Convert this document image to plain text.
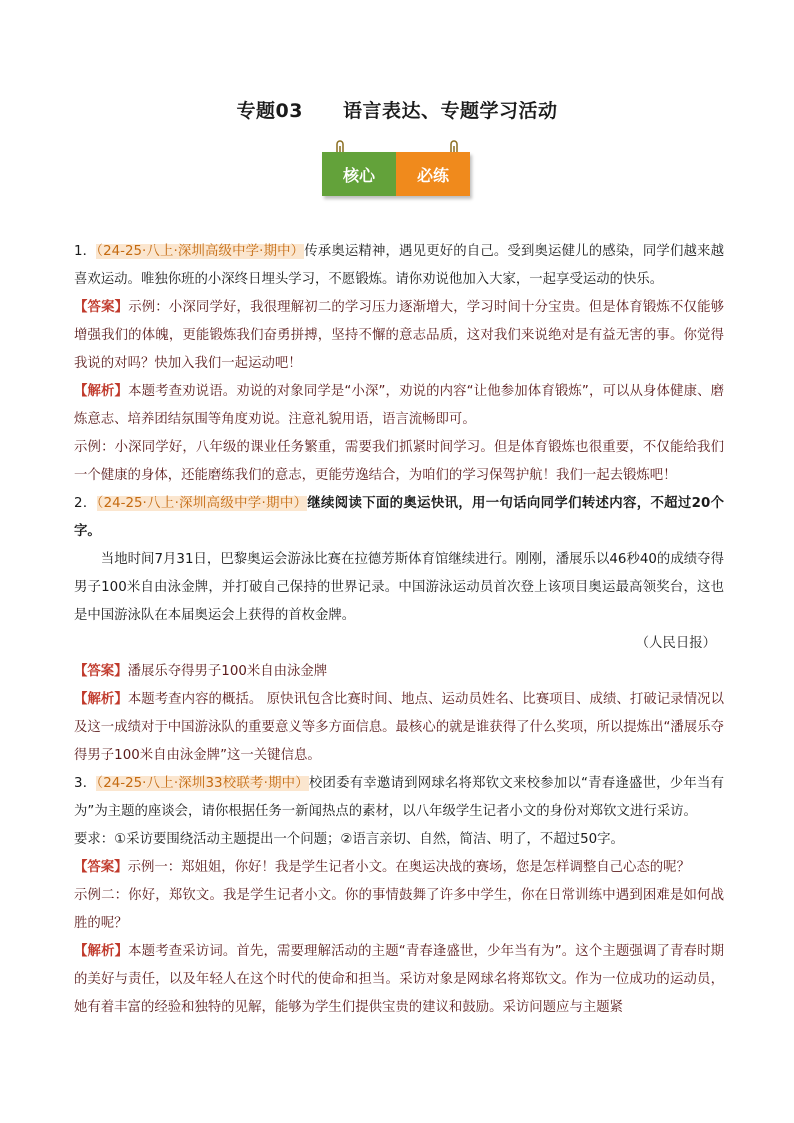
专题03 语言表达、专题学习活动
核心	必练

1．（24-25·八上·深圳高级中学·期中）传承奥运精神，遇见更好的自己。受到奥运健儿的感染，同学们越来越喜欢运动。唯独你班的小深终日埋头学习，不愿锻炼。请你劝说他加入大家，一起享受运动的快乐。

【答案】示例：小深同学好，我很理解初二的学习压力逐渐增大，学习时间十分宝贵。但是体育锻炼不仅能够增强我们的体魄，更能锻炼我们奋勇拼搏，坚持不懈的意志品质，这对我们来说绝对是有益无害的事。你觉得我说的对吗？快加入我们一起运动吧！

【解析】本题考查劝说语。劝说的对象同学是“小深”，劝说的内容“让他参加体育锻炼”，可以从身体健康、磨炼意志、培养团结氛围等角度劝说。注意礼貌用语，语言流畅即可。

示例：小深同学好，八年级的课业任务繁重，需要我们抓紧时间学习。但是体育锻炼也很重要，不仅能给我们一个健康的身体，还能磨练我们的意志，更能劳逸结合，为咱们的学习保驾护航！我们一起去锻炼吧！

2．（24-25·八上·深圳高级中学·期中）继续阅读下面的奥运快讯，用一句话向同学们转述内容，不超过20个字。

当地时间7月31日，巴黎奥运会游泳比赛在拉德芳斯体育馆继续进行。刚刚，潘展乐以46秒40的成绩夺得男子100米自由泳金牌，并打破自己保持的世界记录。中国游泳运动员首次登上该项目奥运最高领奖台，这也是中国游泳队在本届奥运会上获得的首枚金牌。

（人民日报）

【答案】潘展乐夺得男子100米自由泳金牌

【解析】本题考查内容的概括。 原快讯包含比赛时间、地点、运动员姓名、比赛项目、成绩、打破记录情况以及这一成绩对于中国游泳队的重要意义等多方面信息。最核心的就是谁获得了什么奖项，所以提炼出“潘展乐夺得男子100米自由泳金牌”这一关键信息。

3．（24-25·八上·深圳33校联考·期中）校团委有幸邀请到网球名将郑钦文来校参加以“青春逢盛世，少年当有为”为主题的座谈会，请你根据任务一新闻热点的素材，以八年级学生记者小文的身份对郑钦文进行采访。

要求：①采访要围绕活动主题提出一个问题；②语言亲切、自然，简洁、明了，不超过50字。

【答案】示例一：郑姐姐，你好！我是学生记者小文。在奥运决战的赛场，您是怎样调整自己心态的呢？

示例二：你好，郑钦文。我是学生记者小文。你的事情鼓舞了许多中学生，你在日常训练中遇到困难是如何战胜的呢？

【解析】本题考查采访词。首先，需要理解活动的主题“青春逢盛世，少年当有为”。这个主题强调了青春时期的美好与责任，以及年轻人在这个时代的使命和担当。采访对象是网球名将郑钦文。作为一位成功的运动员，她有着丰富的经验和独特的见解，能够为学生们提供宝贵的建议和鼓励。采访问题应与主题紧
